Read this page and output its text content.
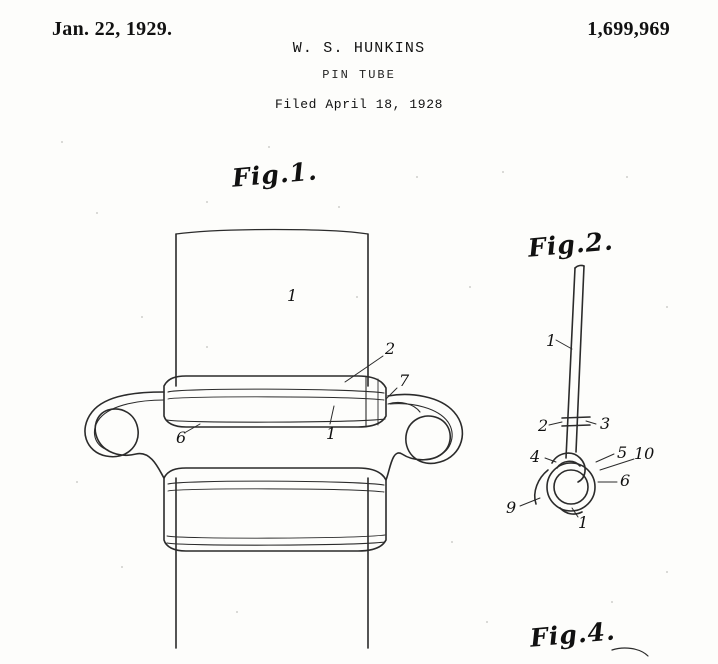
Jan. 22, 1929.	1,699,969
W. S. HUNKINS
PIN TUBE
Filed April 18, 1928
Fig.1.
Fig.2.
Fig.4.
1
2
7
6	1
1
2	3
4	5 10
6
9
1
